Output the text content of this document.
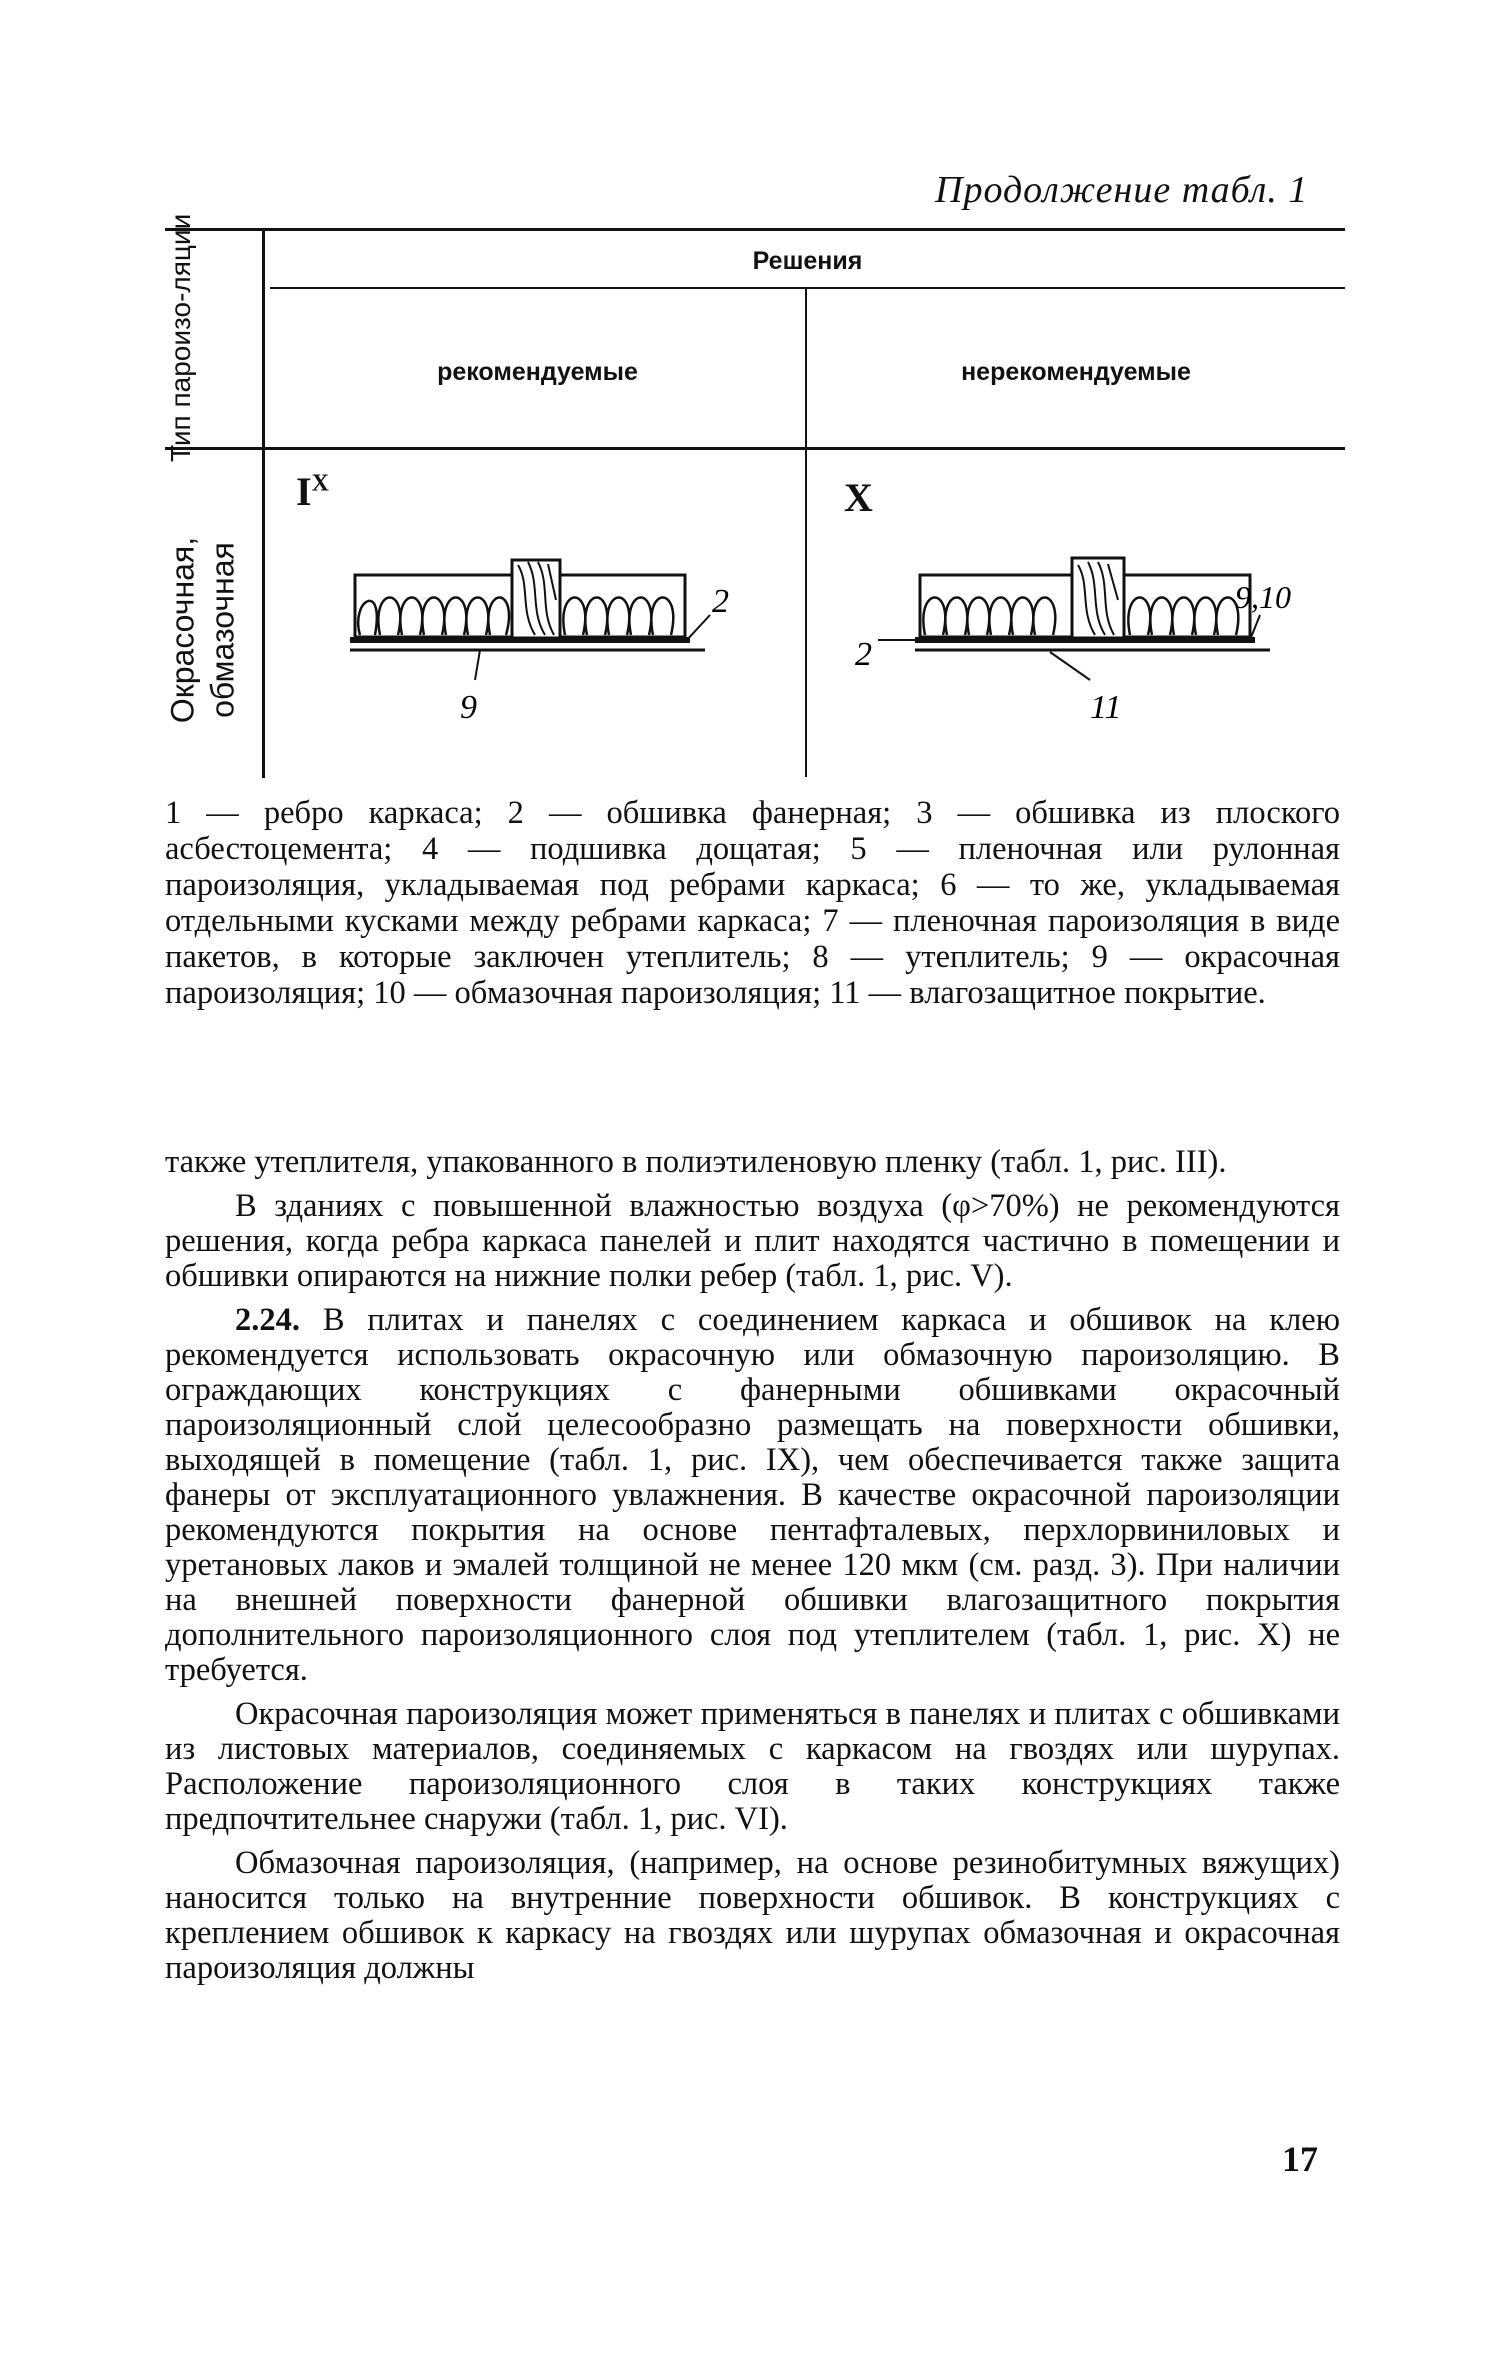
Продолжение табл. 1
Тип пароизо-ляции
Окрасочная, обмазочная
Решения
рекомендуемые	нерекомендуемые
$I^X$	X
2
9
9,10
2
11
1 — ребро каркаса; 2 — обшивка фанерная; 3 — обшивка из плоского асбестоцемента; 4 — подшивка дощатая; 5 — пленочная или рулонная пароизоляция, укладываемая под ребрами каркаса; 6 — то же, укладываемая отдельными кусками между ребрами каркаса; 7 — пленочная пароизоляция в виде пакетов, в которые заключен утеплитель; 8 — утеплитель; 9 — окрасочная пароизоляция; 10 — обмазочная пароизоляция; 11 — влагозащитное покрытие.

также утеплителя, упакованного в полиэтиленовую пленку (табл. 1, рис. III).

В зданиях с повышенной влажностью воздуха (φ>70%) не рекомендуются решения, когда ребра каркаса панелей и плит находятся частично в помещении и обшивки опираются на нижние полки ребер (табл. 1, рис. V).

2.24. В плитах и панелях с соединением каркаса и обшивок на клею рекомендуется использовать окрасочную или обмазочную пароизоляцию. В ограждающих конструкциях с фанерными обшивками окрасочный пароизоляционный слой целесообразно размещать на поверхности обшивки, выходящей в помещение (табл. 1, рис. IX), чем обеспечивается также защита фанеры от эксплуатационного увлажнения. В качестве окрасочной пароизоляции рекомендуются покрытия на основе пентафталевых, перхлорвиниловых и уретановых лаков и эмалей толщиной не менее 120 мкм (см. разд. 3). При наличии на внешней поверхности фанерной обшивки влагозащитного покрытия дополнительного пароизоляционного слоя под утеплителем (табл. 1, рис. X) не требуется.

Окрасочная пароизоляция может применяться в панелях и плитах с обшивками из листовых материалов, соединяемых с каркасом на гвоздях или шурупах. Расположение пароизоляционного слоя в таких конструкциях также предпочтительнее снаружи (табл. 1, рис. VI).

Обмазочная пароизоляция, (например, на основе резинобитумных вяжущих) наносится только на внутренние поверхности обшивок. В конструкциях с креплением обшивок к каркасу на гвоздях или шурупах обмазочная и окрасочная пароизоляция должны

17
